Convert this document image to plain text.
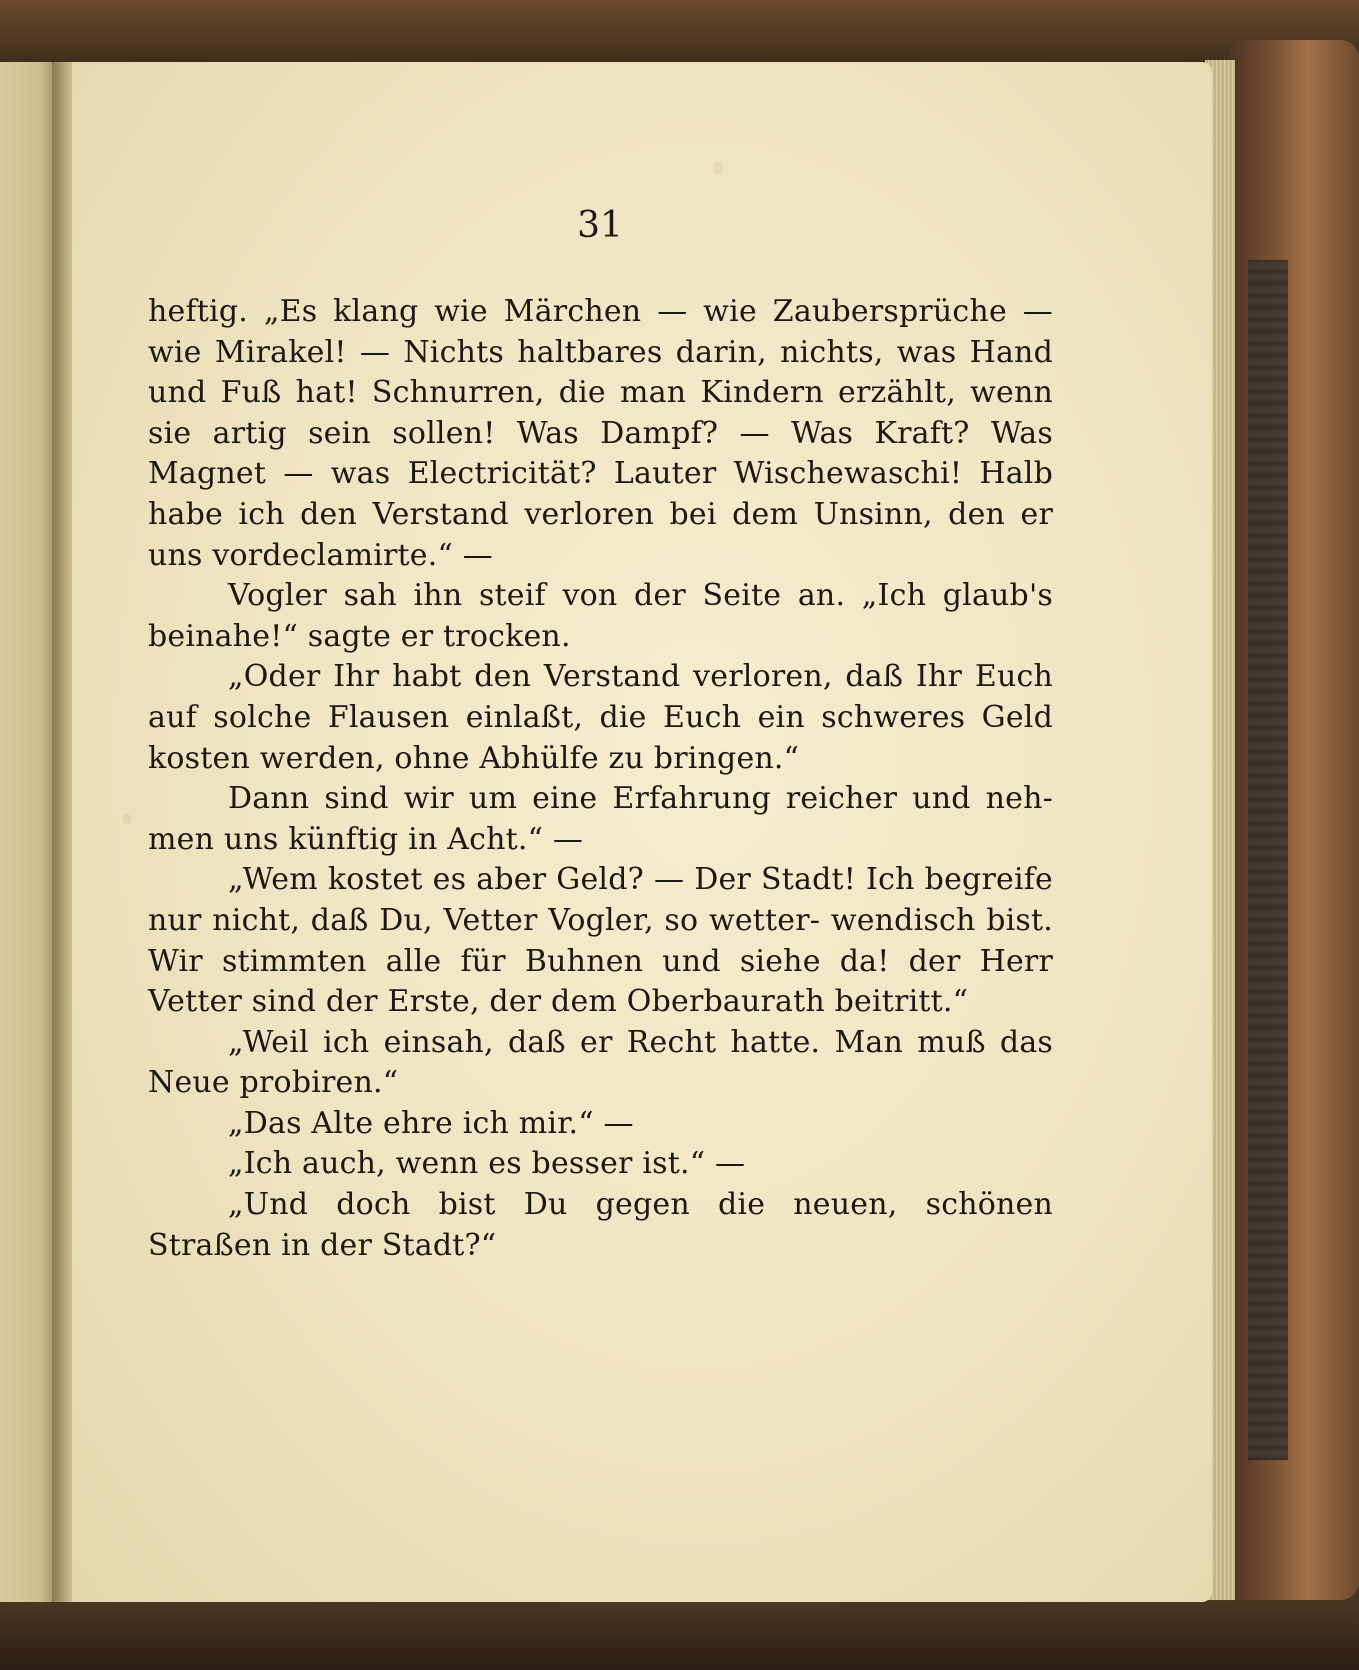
31

heftig. „Es klang wie Märchen — wie Zaubersprüche — wie Mirakel! — Nichts haltbares darin, nichts, was Hand und Fuß hat! Schnurren, die man Kindern erzählt, wenn sie artig sein sollen! Was Dampf? — Was Kraft? Was Magnet — was Electricität? Lauter Wischewaschi! Halb habe ich den Verstand verloren bei dem Unsinn, den er uns vordeclamirte.“ —

Vogler sah ihn steif von der Seite an. „Ich glaub's beinahe!“ sagte er trocken.

„Oder Ihr habt den Verstand verloren, daß Ihr Euch auf solche Flausen einlaßt, die Euch ein schweres Geld kosten werden, ohne Abhülfe zu bringen.“

Dann sind wir um eine Erfahrung reicher und neh- men uns künftig in Acht.“ —

„Wem kostet es aber Geld? — Der Stadt! Ich begreife nur nicht, daß Du, Vetter Vogler, so wetter- wendisch bist. Wir stimmten alle für Buhnen und siehe da! der Herr Vetter sind der Erste, der dem Oberbaurath beitritt.“

„Weil ich einsah, daß er Recht hatte. Man muß das Neue probiren.“

„Das Alte ehre ich mir.“ —

„Ich auch, wenn es besser ist.“ —

„Und doch bist Du gegen die neuen, schönen Straßen in der Stadt?“
